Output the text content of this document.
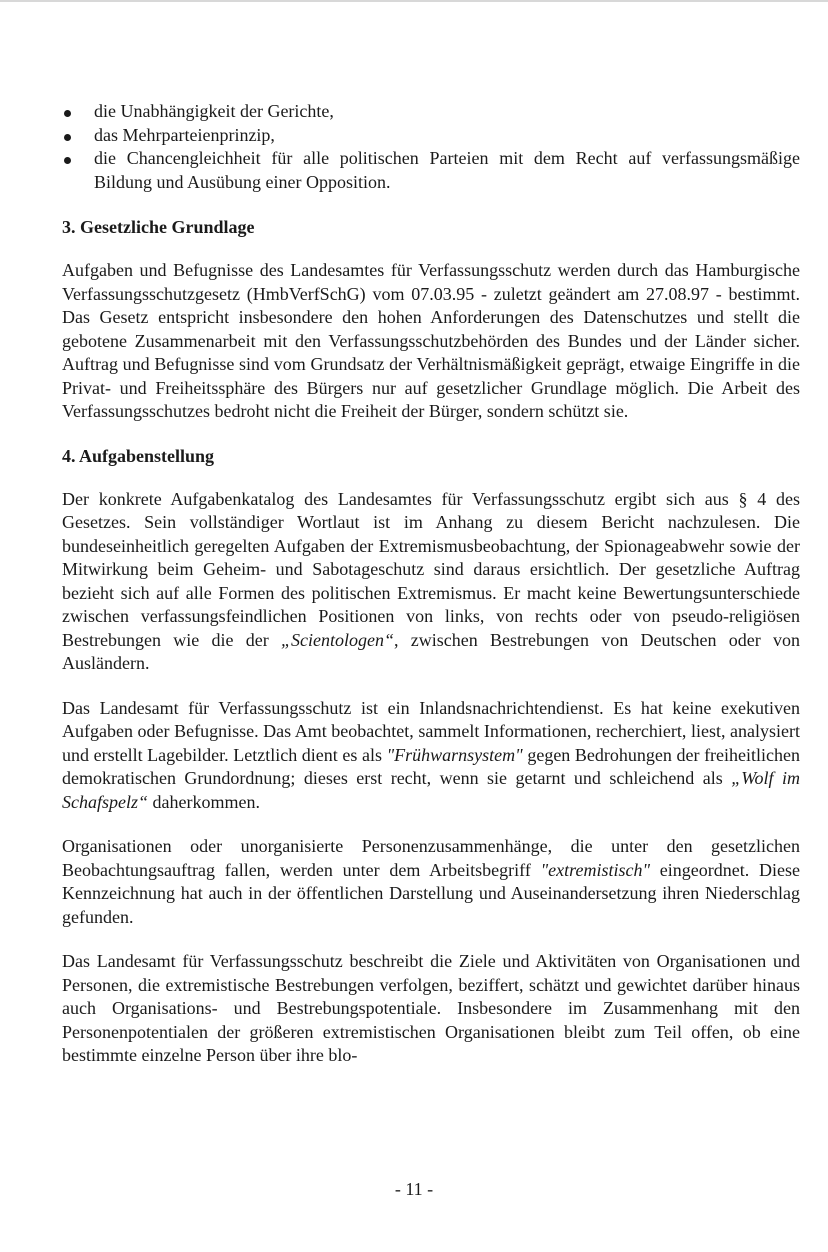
die Unabhängigkeit der Gerichte,
das Mehrparteienprinzip,
die Chancengleichheit für alle politischen Parteien mit dem Recht auf verfassungsmäßige Bildung und Ausübung einer Opposition.
3. Gesetzliche Grundlage

Aufgaben und Befugnisse des Landesamtes für Verfassungsschutz werden durch das Hamburgische Verfassungsschutzgesetz (HmbVerfSchG) vom 07.03.95 - zuletzt geändert am 27.08.97 - bestimmt. Das Gesetz entspricht insbesondere den hohen Anforderungen des Datenschutzes und stellt die gebotene Zusammenarbeit mit den Verfassungsschutzbehörden des Bundes und der Länder sicher. Auftrag und Befugnisse sind vom Grundsatz der Verhältnismäßigkeit geprägt, etwaige Eingriffe in die Privat- und Freiheitssphäre des Bürgers nur auf gesetzlicher Grundlage möglich. Die Arbeit des Verfassungsschutzes bedroht nicht die Freiheit der Bürger, sondern schützt sie.

4. Aufgabenstellung

Der konkrete Aufgabenkatalog des Landesamtes für Verfassungsschutz ergibt sich aus § 4 des Gesetzes. Sein vollständiger Wortlaut ist im Anhang zu diesem Bericht nachzulesen. Die bundeseinheitlich geregelten Aufgaben der Extremismusbeobachtung, der Spionageabwehr sowie der Mitwirkung beim Geheim- und Sabotageschutz sind daraus ersichtlich. Der gesetzliche Auftrag bezieht sich auf alle Formen des politischen Extremismus. Er macht keine Bewertungsunterschiede zwischen verfassungsfeindlichen Positionen von links, von rechts oder von pseudo-religiösen Bestrebungen wie die der „Scientologen“, zwischen Bestrebungen von Deutschen oder von Ausländern.

Das Landesamt für Verfassungsschutz ist ein Inlandsnachrichtendienst. Es hat keine exekutiven Aufgaben oder Befugnisse. Das Amt beobachtet, sammelt Informationen, recherchiert, liest, analysiert und erstellt Lagebilder. Letztlich dient es als "Frühwarnsystem" gegen Bedrohungen der freiheitlichen demokratischen Grundordnung; dieses erst recht, wenn sie getarnt und schleichend als „Wolf im Schafspelz“ daherkommen.

Organisationen oder unorganisierte Personenzusammenhänge, die unter den gesetzlichen Beobachtungsauftrag fallen, werden unter dem Arbeitsbegriff "extremistisch" eingeordnet. Diese Kennzeichnung hat auch in der öffentlichen Darstellung und Auseinandersetzung ihren Niederschlag gefunden.

Das Landesamt für Verfassungsschutz beschreibt die Ziele und Aktivitäten von Organisationen und Personen, die extremistische Bestrebungen verfolgen, beziffert, schätzt und gewichtet darüber hinaus auch Organisations- und Bestrebungspotentiale. Insbesondere im Zusammenhang mit den Personenpotentialen der größeren extremistischen Organisationen bleibt zum Teil offen, ob eine bestimmte einzelne Person über ihre blo-

- 11 -
